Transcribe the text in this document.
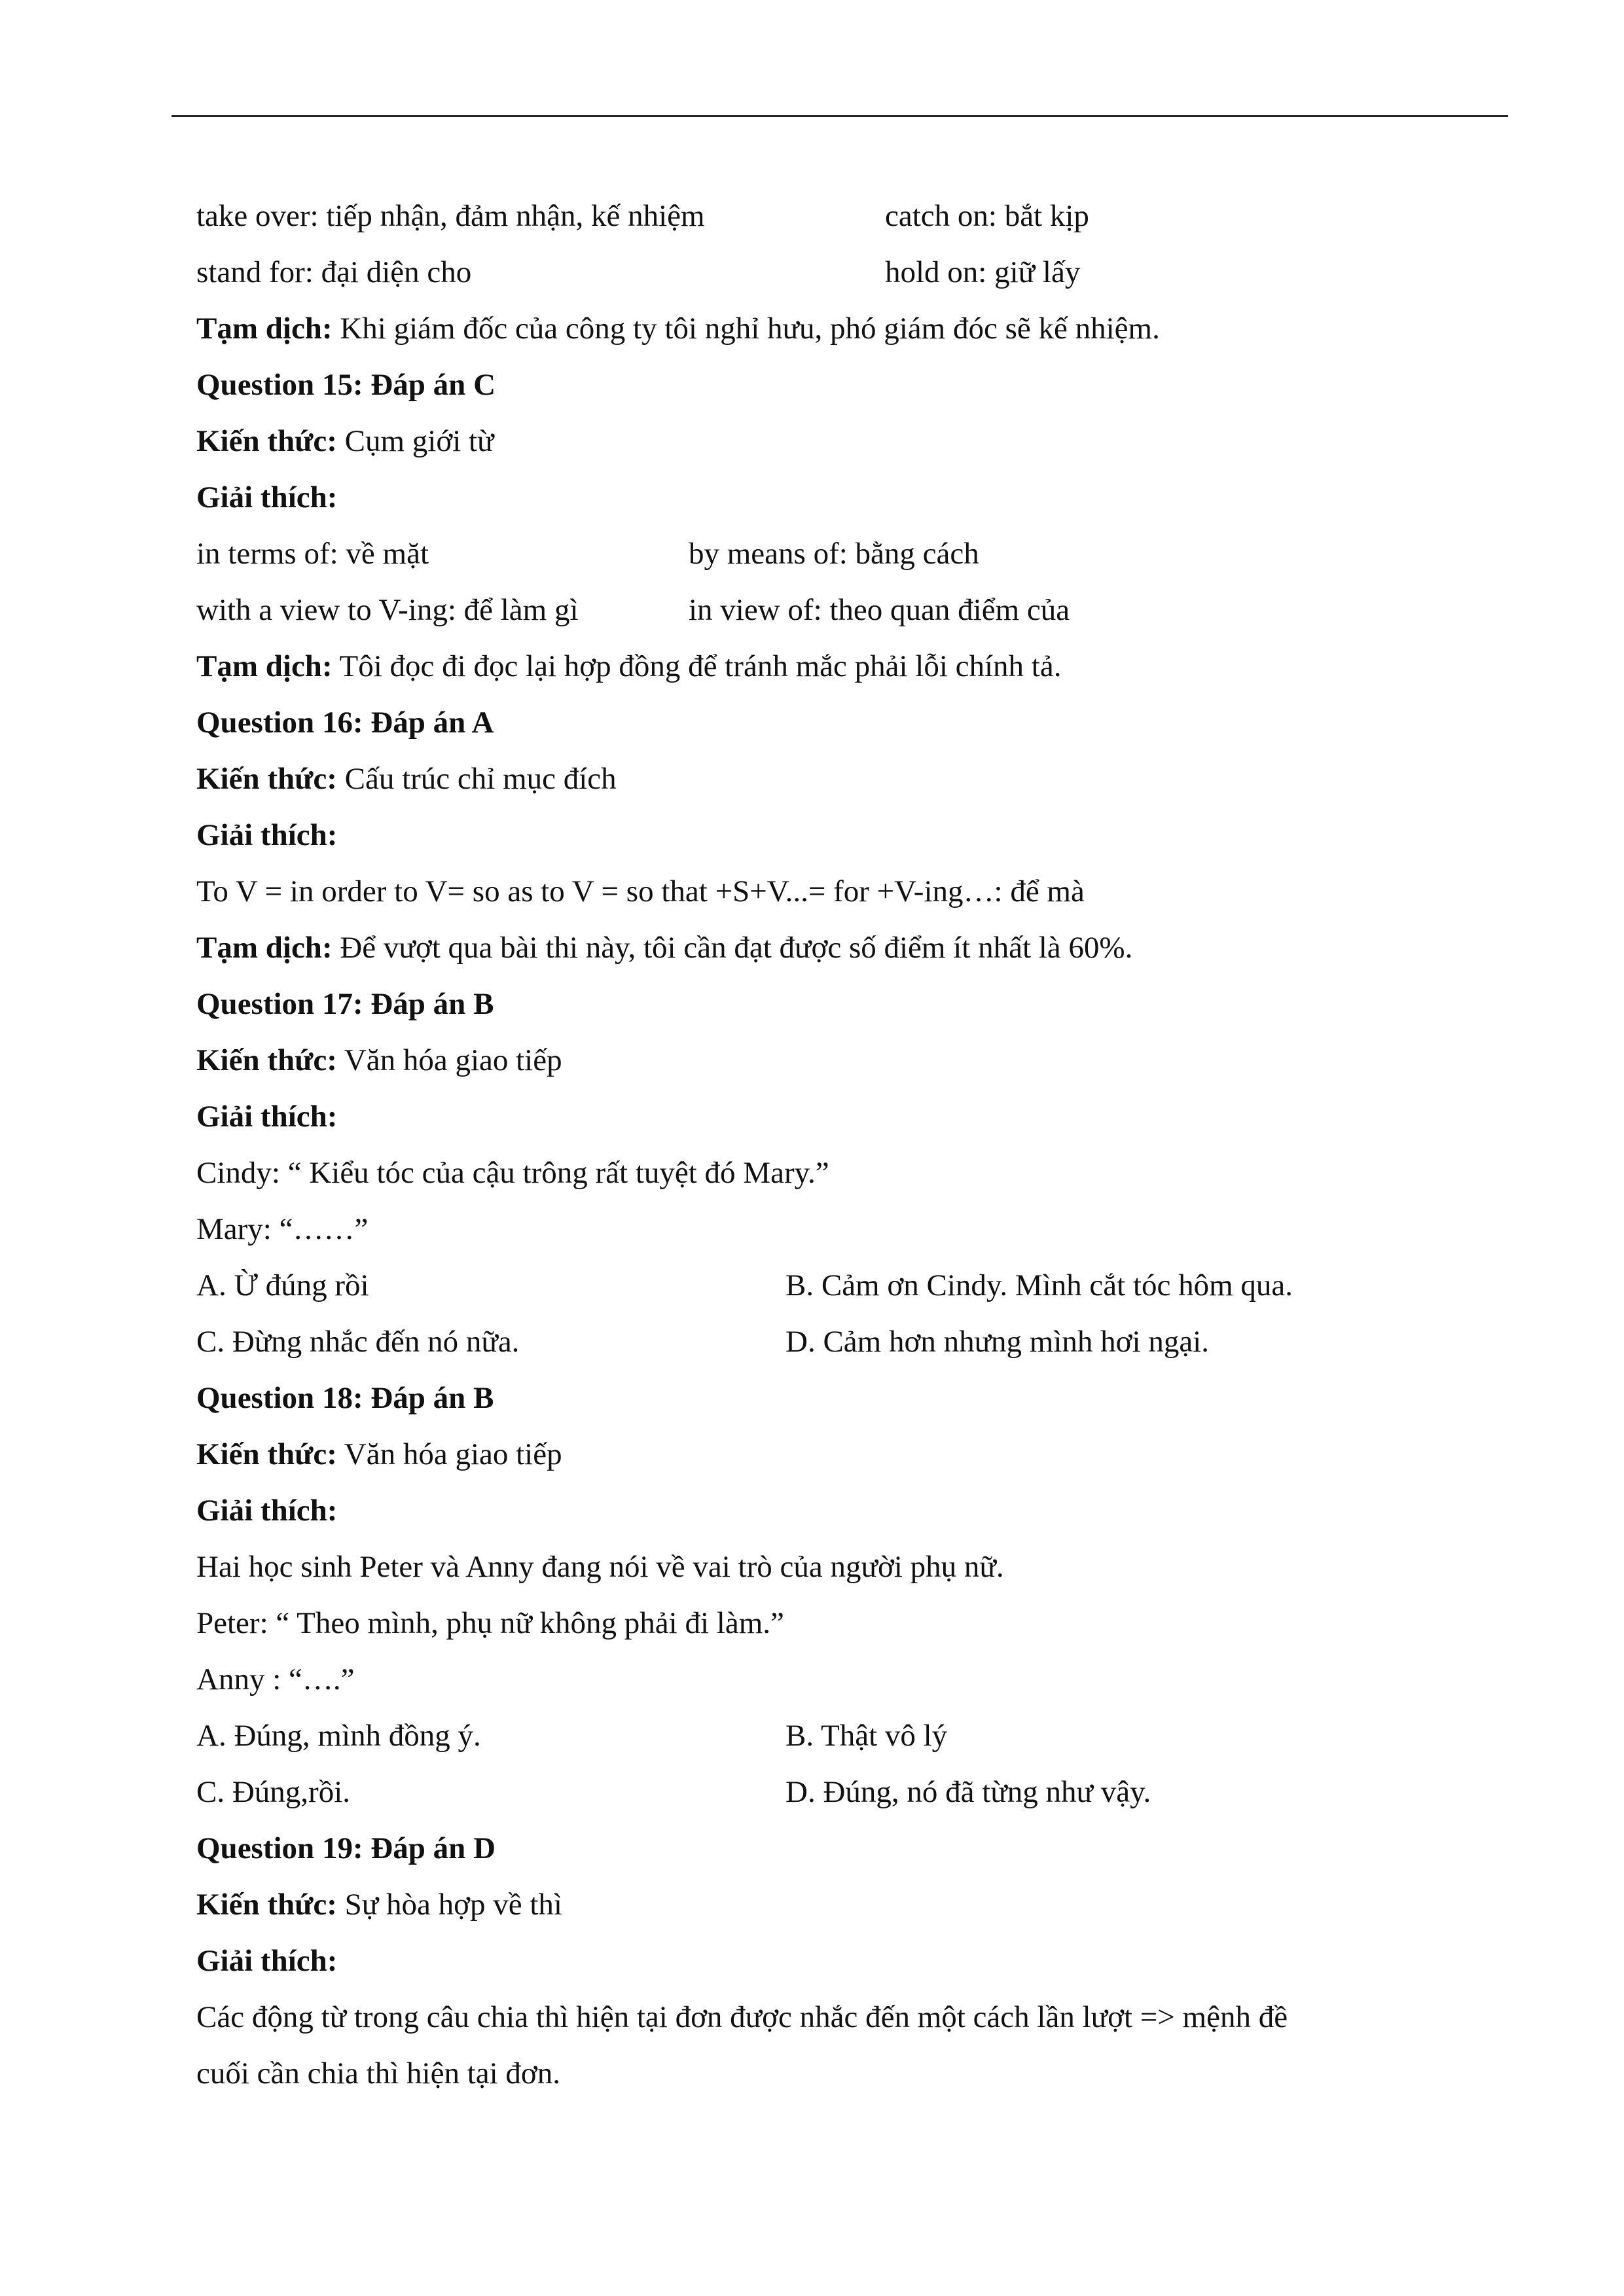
take over: tiếp nhận, đảm nhận, kế nhiệm	catch on: bắt kịp
stand for: đại diện cho	hold on: giữ lấy
Tạm dịch: Khi giám đốc của công ty tôi nghỉ hưu, phó giám đóc sẽ kế nhiệm.
Question 15: Đáp án C
Kiến thức: Cụm giới từ
Giải thích:
in terms of: về mặt	by means of: bằng cách
with a view to V-ing: để làm gì	in view of: theo quan điểm của
Tạm dịch: Tôi đọc đi đọc lại hợp đồng để tránh mắc phải lỗi chính tả.
Question 16: Đáp án A
Kiến thức: Cấu trúc chỉ mục đích
Giải thích:
To V = in order to V= so as to V = so that +S+V...= for +V-ing…: để mà
Tạm dịch: Để vượt qua bài thi này, tôi cần đạt được số điểm ít nhất là 60%.
Question 17: Đáp án B
Kiến thức: Văn hóa giao tiếp
Giải thích:
Cindy: “ Kiểu tóc của cậu trông rất tuyệt đó Mary.”
Mary: “……”
A. Ừ đúng rồi	B. Cảm ơn Cindy. Mình cắt tóc hôm qua.
C. Đừng nhắc đến nó nữa.	D. Cảm hơn nhưng mình hơi ngại.
Question 18: Đáp án B
Kiến thức: Văn hóa giao tiếp
Giải thích:
Hai học sinh Peter và Anny đang nói về vai trò của người phụ nữ.
Peter: “ Theo mình, phụ nữ không phải đi làm.”
Anny : “….”
A. Đúng, mình đồng ý.	B. Thật vô lý
C. Đúng,rồi.	D. Đúng, nó đã từng như vậy.
Question 19: Đáp án D
Kiến thức: Sự hòa hợp về thì
Giải thích:
Các động từ trong câu chia thì hiện tại đơn được nhắc đến một cách lần lượt => mệnh đề
cuối cần chia thì hiện tại đơn.
